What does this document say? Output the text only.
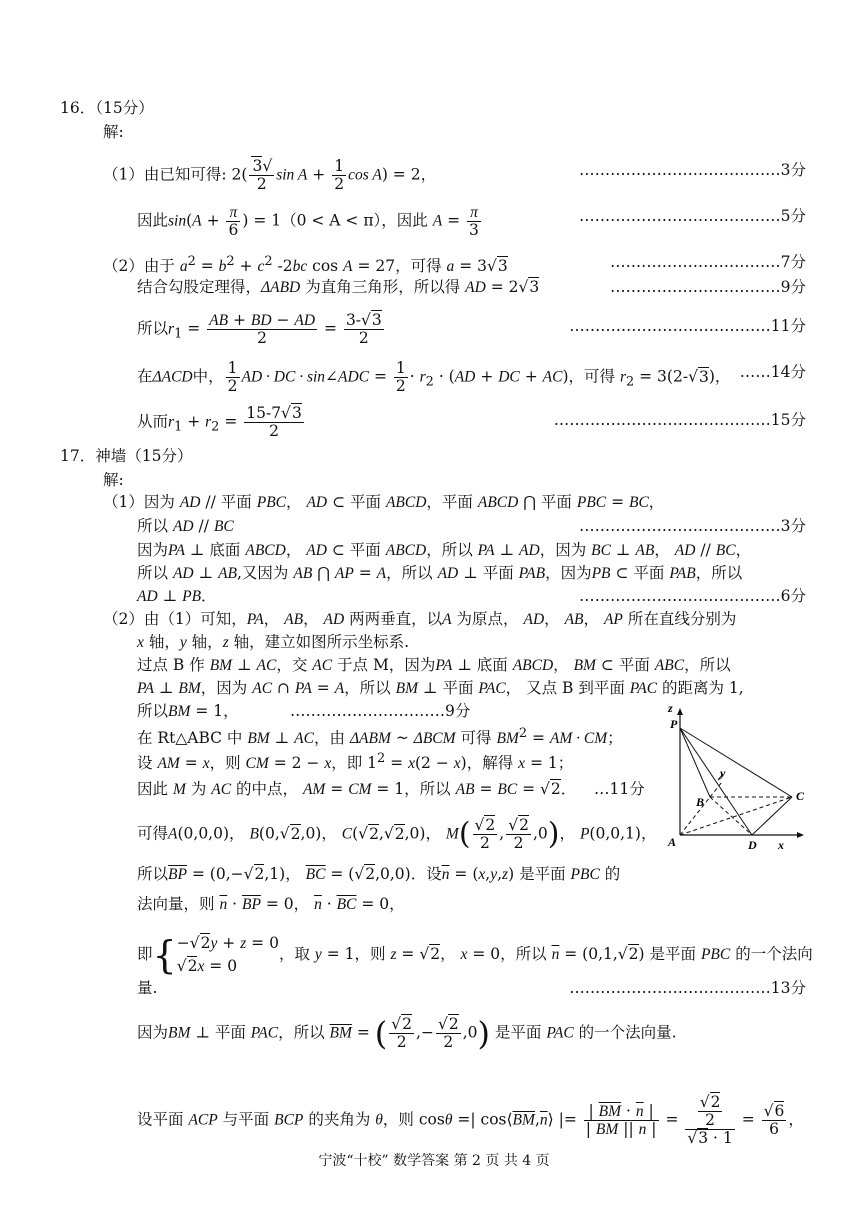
16．（15分）
解:
（1）由已知可得: $2( \frac{3√}{2}$ $\sin A + \frac{1}{2}$ cos A) = 2，	…………………………………3分
因此$\sin(A + \frac{\pi}{6}$ ) = 1（0 < A < π），因此 $A = \frac{\pi}{3}$	…………………………………5分
（2）由于 $a^2 = b^2 + c^2$ -2bc cos A = 27，可得 a = 3√3	……………………………7分
结合勾股定理得，ΔABD 为直角三角形，所以得 AD = 2√3	……………………………9分
所以$r_1 = \frac{AB + BD - AD}{2} = \frac{3-√3}{2}$	…………………………………11分
在ΔACD中， $\frac{1}{2}$ AD · DC · sin∠ADC = $\frac{1}{2} \cdot r_2 \cdot (AD$ + DC + AC)，可得 $r_2 = 3(2-√3)$， ……14分
从而$r_1 + r_2 = \frac{15-7√3}{2}$	……………………………………15分
17．神墙（15分）
解:
（1）因为 AD // 平面 PBC， AD ⊂ 平面 ABCD，平面 ABCD ⋂ 平面 PBC = BC，
所以 AD // BC	…………………………………3分
因为PA ⊥ 底面 ABCD， AD ⊂ 平面 ABCD，所以 PA ⊥ AD，因为 BC ⊥ AB， AD // BC，
所以 AD ⊥ AB,又因为 AB ⋂ AP = A，所以 AD ⊥ 平面 PAB，因为PB ⊂ 平面 PAB，所以
AD ⊥ PB．	…………………………………6分
（2）由（1）可知，PA， AB， AD 两两垂直，以A 为原点， AD， AB， AP 所在直线分别为
x 轴，y 轴，z 轴，建立如图所示坐标系.
过点 B 作 BM ⊥ AC，交 AC 于点 M，因为PA ⊥ 底面 ABCD， BM ⊂ 平面 ABC，所以
PA ⊥ BM，因为 AC ∩ PA = A，所以 BM ⊥ 平面 PAC， 又点 B 到平面 PAC 的距离为 1,
所以BM = 1，	…………………………9分
在 Rt△ABC 中 BM ⊥ AC，由 ΔABM ~ ΔBCM 可得 $BM^2$ = AM · CM；
设 AM = x，则 CM = 2 − x，即 $1^2 = x(2 - x)$，解得 x = 1；
因此 M 为 AC 的中点， AM = CM = 1，所以 AB = BC = √2． …11分
可得A(0,0,0)， B(0,√2,0)， C(√2,√2,0)， $M( \frac{√2}{2}$ , $\frac{√2}{2} ,0$)， P(0,0,1)，
所以$\overline{BP} = (0,-√2,1)$， $\overline{BC} = (√2,0,0)$．设$\overline{n} = (x,y,z)$ 是平面 PBC 的
法向量，则 $\overline{n} \cdot \overline{BP} = 0$， $\overline{n} \cdot \overline{BC} = 0$，
即{−√2y + z = 0
√2x = 0，取 y = 1，则 z = √2， x = 0，所以 $\overline{n} = (0,1,√2)$ 是平面 PBC 的一个法向
量.	…………………………………13分
因为BM ⊥ 平面 PAC，所以 $\overline{BM}$ = ( $\frac{√2}{2}$ ,− $\frac{√2}{2} ,0$) 是平面 PAC 的一个法向量.
设平面 ACP 与平面 BCP 的夹角为 θ，则 cosθ =| $\cos⟨\overline{BM},\overline{n}⟩$ |= $\frac{| \overline{BM} \cdot \overline{n} |}{| \overline{BM} || \overline{n} |} = \frac{\frac{√2}{2}}{√3 \cdot 1} = \frac{√6}{6}$ ，
z
P
y
B	C
A	D x
宁波“十校” 数学答案 第 2 页 共 4 页
